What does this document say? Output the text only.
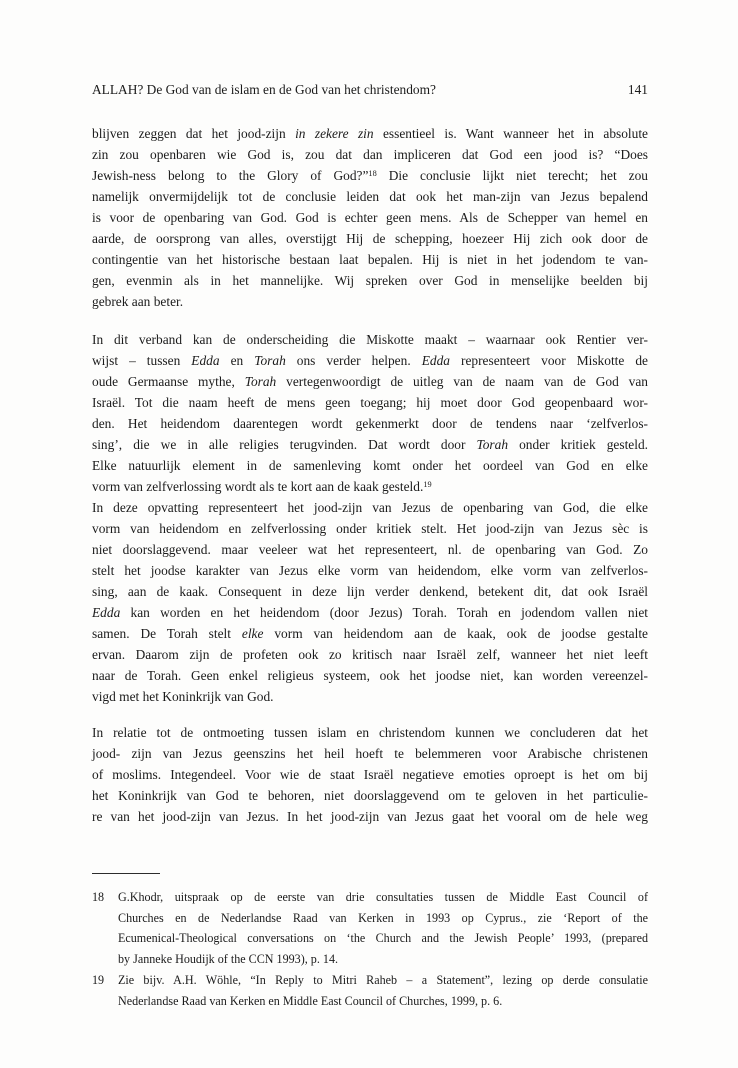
ALLAH? De God van de islam en de God van het christendom?	141
blijven zeggen dat het jood-zijn in zekere zin essentieel is. Want wanneer het in absolute
zin zou openbaren wie God is, zou dat dan impliceren dat God een jood is? “Does
Jewish-ness belong to the Glory of God?”$^{18}$ Die conclusie lijkt niet terecht; het zou
namelijk onvermijdelijk tot de conclusie leiden dat ook het man-zijn van Jezus bepalend
is voor de openbaring van God. God is echter geen mens. Als de Schepper van hemel en
aarde, de oorsprong van alles, overstijgt Hij de schepping, hoezeer Hij zich ook door de
contingentie van het historische bestaan laat bepalen. Hij is niet in het jodendom te van-
gen, evenmin als in het mannelijke. Wij spreken over God in menselijke beelden bij
gebrek aan beter.
In dit verband kan de onderscheiding die Miskotte maakt – waarnaar ook Rentier ver-
wijst – tussen Edda en Torah ons verder helpen. Edda representeert voor Miskotte de
oude Germaanse mythe, Torah vertegenwoordigt de uitleg van de naam van de God van
Israël. Tot die naam heeft de mens geen toegang; hij moet door God geopenbaard wor-
den. Het heidendom daarentegen wordt gekenmerkt door de tendens naar ‘zelfverlos-
sing’, die we in alle religies terugvinden. Dat wordt door Torah onder kritiek gesteld.
Elke natuurlijk element in de samenleving komt onder het oordeel van God en elke
vorm van zelfverlossing wordt als te kort aan de kaak gesteld.$^{19}$
In deze opvatting representeert het jood-zijn van Jezus de openbaring van God, die elke
vorm van heidendom en zelfverlossing onder kritiek stelt. Het jood-zijn van Jezus sèc is
niet doorslaggevend. maar veeleer wat het representeert, nl. de openbaring van God. Zo
stelt het joodse karakter van Jezus elke vorm van heidendom, elke vorm van zelfverlos-
sing, aan de kaak. Consequent in deze lijn verder denkend, betekent dit, dat ook Israël
Edda kan worden en het heidendom (door Jezus) Torah. Torah en jodendom vallen niet
samen. De Torah stelt elke vorm van heidendom aan de kaak, ook de joodse gestalte
ervan. Daarom zijn de profeten ook zo kritisch naar Israël zelf, wanneer het niet leeft
naar de Torah. Geen enkel religieus systeem, ook het joodse niet, kan worden vereenzel-
vigd met het Koninkrijk van God.
In relatie tot de ontmoeting tussen islam en christendom kunnen we concluderen dat het
jood- zijn van Jezus geenszins het heil hoeft te belemmeren voor Arabische christenen
of moslims. Integendeel. Voor wie de staat Israël negatieve emoties oproept is het om bij
het Koninkrijk van God te behoren, niet doorslaggevend om te geloven in het particulie-
re van het jood-zijn van Jezus. In het jood-zijn van Jezus gaat het vooral om de hele weg
18 G.Khodr, uitspraak op de eerste van drie consultaties tussen de Middle East Council of
Churches en de Nederlandse Raad van Kerken in 1993 op Cyprus., zie ‘Report of the
Ecumenical-Theological conversations on ‘the Church and the Jewish People’ 1993, (prepared
by Janneke Houdijk of the CCN 1993), p. 14.
19 Zie bijv. A.H. Wöhle, “In Reply to Mitri Raheb – a Statement”, lezing op derde consulatie
Nederlandse Raad van Kerken en Middle East Council of Churches, 1999, p. 6.
